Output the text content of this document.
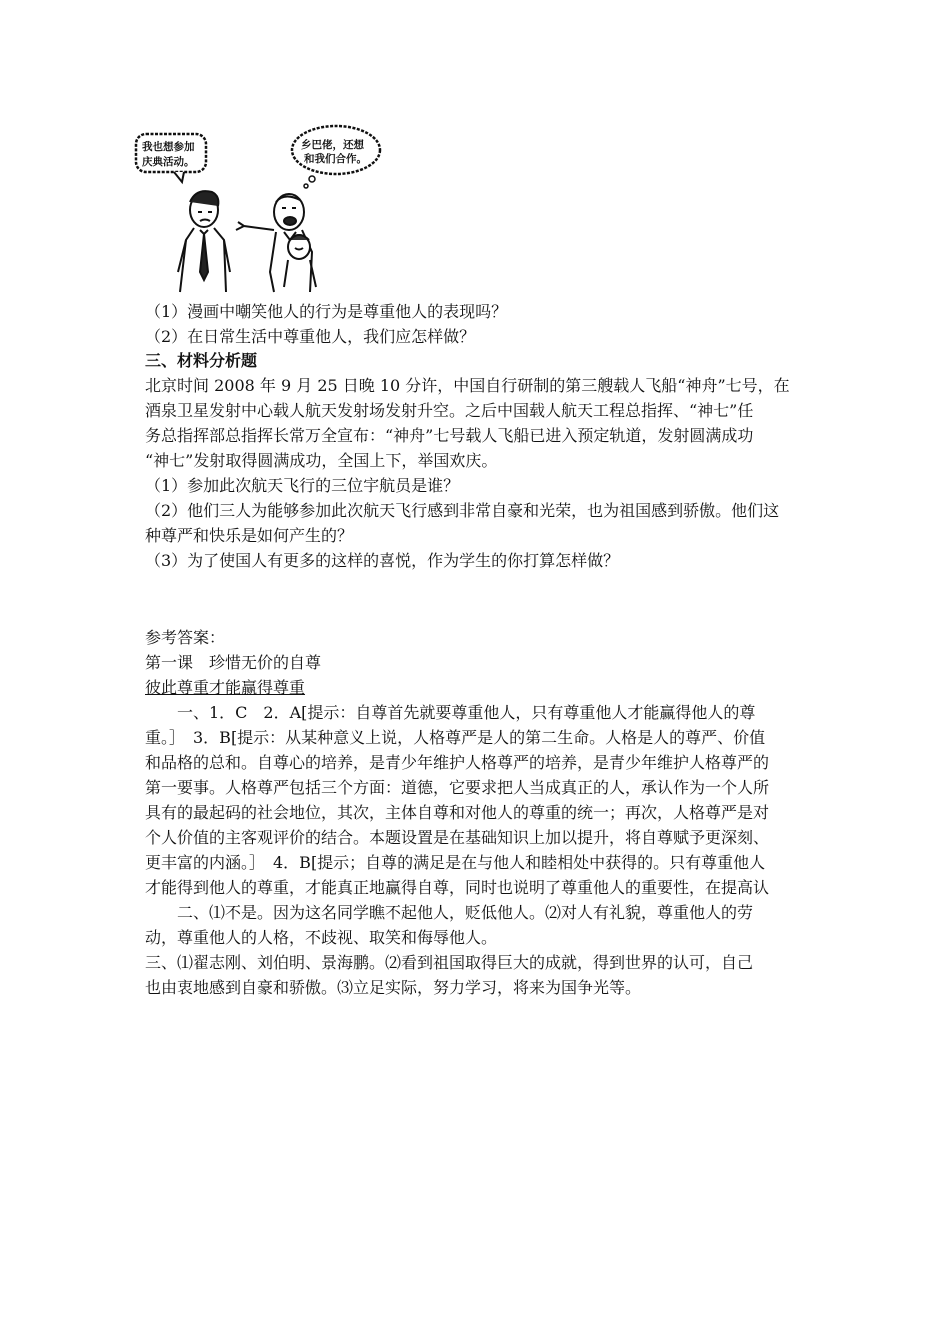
我也想参加
庆典活动。
乡巴佬，还想
和我们合作。
（1）漫画中嘲笑他人的行为是尊重他人的表现吗？
（2）在日常生活中尊重他人，我们应怎样做？
三、材料分析题
北京时间 2008 年 9 月 25 日晚 10 分许，中国自行研制的第三艘载人飞船“神舟”七号，在
酒泉卫星发射中心载人航天发射场发射升空。之后中国载人航天工程总指挥、“神七”任
务总指挥部总指挥长常万全宣布：“神舟”七号载人飞船已进入预定轨道，发射圆满成功
“神七”发射取得圆满成功，全国上下，举国欢庆。
（1）参加此次航天飞行的三位宇航员是谁？
（2）他们三人为能够参加此次航天飞行感到非常自豪和光荣，也为祖国感到骄傲。他们这
种尊严和快乐是如何产生的？
（3）为了使国人有更多的这样的喜悦，作为学生的你打算怎样做？
参考答案：
第一课　珍惜无价的自尊
彼此尊重才能赢得尊重
　　一、1．C　2．A[提示：自尊首先就要尊重他人，只有尊重他人才能赢得他人的尊
重。］　3．B[提示：从某种意义上说，人格尊严是人的第二生命。人格是人的尊严、价值
和品格的总和。自尊心的培养，是青少年维护人格尊严的培养，是青少年维护人格尊严的
第一要事。人格尊严包括三个方面：道德，它要求把人当成真正的人，承认作为一个人所
具有的最起码的社会地位，其次，主体自尊和对他人的尊重的统一；再次，人格尊严是对
个人价值的主客观评价的结合。本题设置是在基础知识上加以提升，将自尊赋予更深刻、
更丰富的内涵。］　4．B[提示；自尊的满足是在与他人和睦相处中获得的。只有尊重他人
才能得到他人的尊重，才能真正地赢得自尊，同时也说明了尊重他人的重要性，在提高认
　　二、⑴不是。因为这名同学瞧不起他人，贬低他人。⑵对人有礼貌，尊重他人的劳
动，尊重他人的人格，不歧视、取笑和侮辱他人。
三、⑴翟志刚、刘伯明、景海鹏。⑵看到祖国取得巨大的成就，得到世界的认可，自己
也由衷地感到自豪和骄傲。⑶立足实际，努力学习，将来为国争光等。
